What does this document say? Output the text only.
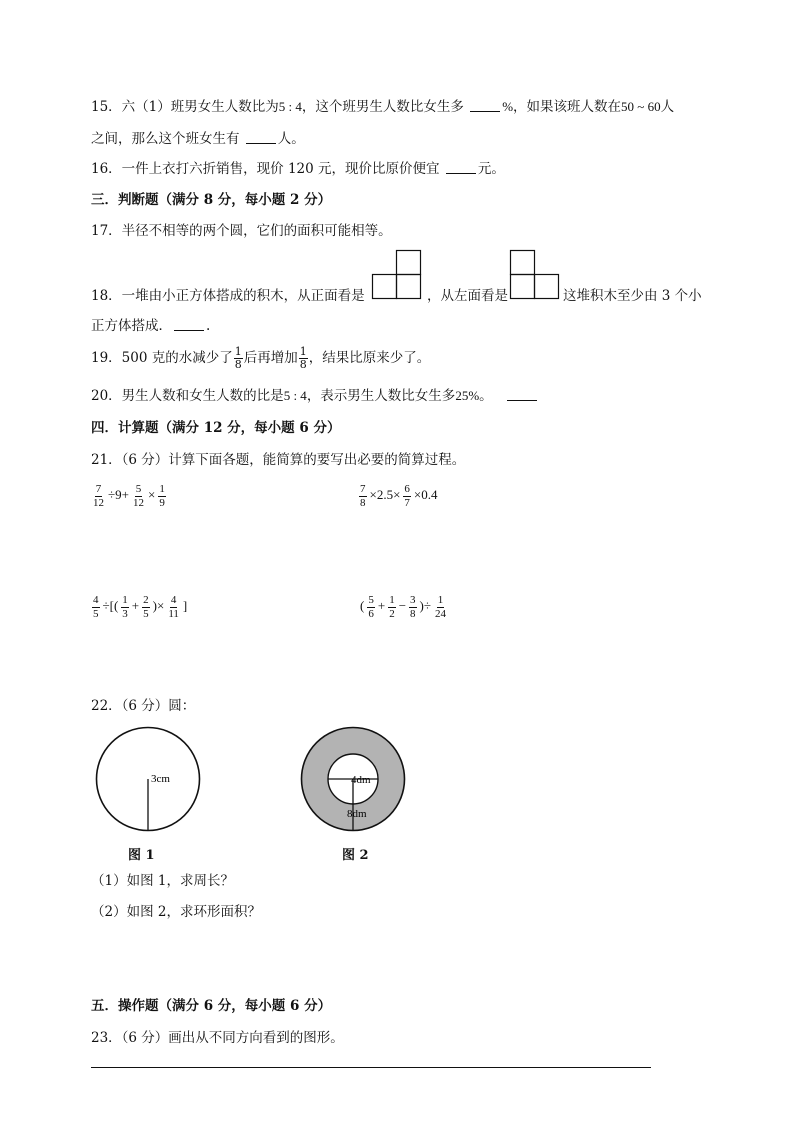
15．六（1）班男女生人数比为5 : 4，这个班男生人数比女生多	%，如果该班人数在50 ~ 60人
之间，那么这个班女生有	人。
16．一件上衣打六折销售，现价 120 元，现价比原价便宜	元。
三．判断题（满分 8 分，每小题 2 分）
17．半径不相等的两个圆，它们的面积可能相等。
18．一堆由小正方体搭成的积木，从正面看是	，从左面看是	这堆积木至少由 3 个小
正方体搭成．	.
19．500 克的水减少了 $\frac{1}{8}$ 后再增加 $\frac{1}{8}$ ，结果比原来少了。
20．男生人数和女生人数的比是5 : 4，表示男生人数比女生多25%。
四．计算题（满分 12 分，每小题 6 分）
21．（6 分）计算下面各题，能简算的要写出必要的简算过程。
$\frac{7}{12} \div 9+ \frac{5}{12} \times \frac{1}{9}$	$\frac{7}{8} \times 2.5\times \frac{6}{7} \times 0.4$
$\frac{4}{5}$ ÷[( $\frac{1}{3} + \frac{2}{5}$ )× $\frac{4}{11}$ ]	( $\frac{5}{6} + \frac{1}{2} - \frac{3}{8}$ )÷ $\frac{1}{24}$
22．（6 分）圆：
3cm	4dm
8dm
图 1	图 2
（1）如图 1，求周长？
（2）如图 2，求环形面积？
五．操作题（满分 6 分，每小题 6 分）
23．（6 分）画出从不同方向看到的图形。
